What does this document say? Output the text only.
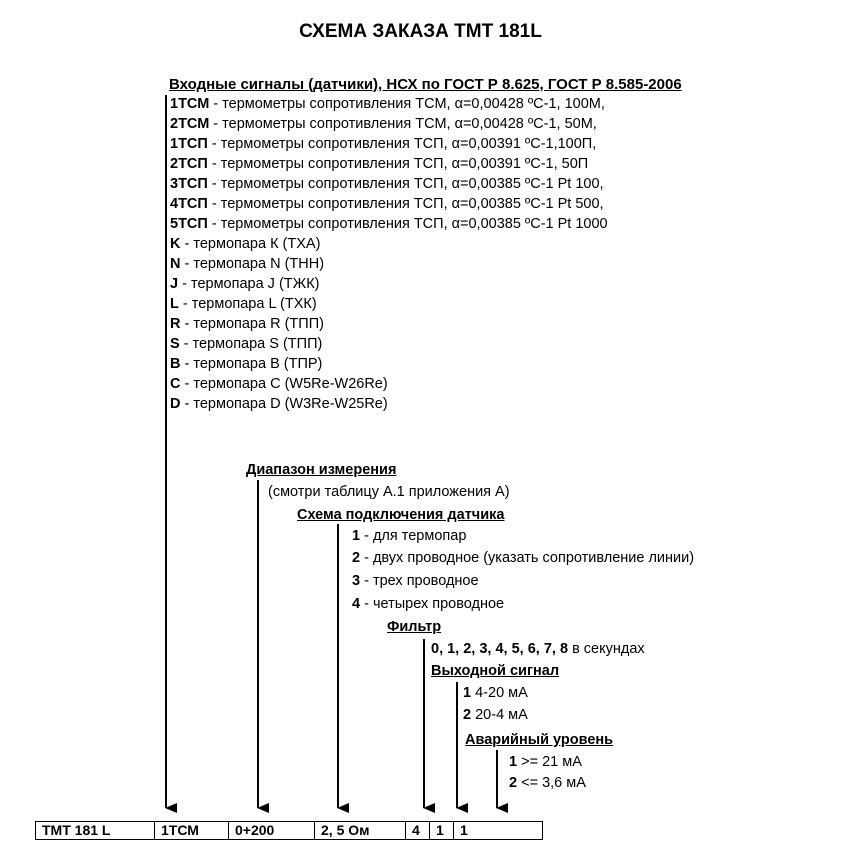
СХЕМА ЗАКАЗА ТМТ 181L
Входные сигналы (датчики), НСХ по ГОСТ Р 8.625, ГОСТ Р 8.585-2006
1ТСМ - термометры сопротивления ТСМ, α=0,00428 ºС-1, 100М,
2ТСМ - термометры сопротивления ТСМ, α=0,00428 ºС-1, 50М,
1ТСП - термометры сопротивления ТСП, α=0,00391 ºС-1,100П,
2ТСП - термометры сопротивления ТСП, α=0,00391 ºС-1, 50П
3ТСП - термометры сопротивления ТСП, α=0,00385 ºС-1 Pt 100,
4ТСП - термометры сопротивления ТСП, α=0,00385 ºС-1 Pt 500,
5ТСП - термометры сопротивления ТСП, α=0,00385 ºС-1 Pt 1000
K - термопара К (ТХА)
N - термопара N (ТНН)
J - термопара J (ТЖК)
L - термопара L (ТХК)
R - термопара R (ТПП)
S - термопара S (ТПП)
B - термопара B (ТПР)
C - термопара C (W5Re-W26Re)
D - термопара D (W3Re-W25Re)
Диапазон измерения
(смотри таблицу А.1 приложения А)
Схема подключения датчика
1 - для термопар
2 - двух проводное (указать сопротивление линии)
3 - трех проводное
4 - четырех проводное
Фильтр
0, 1, 2, 3, 4, 5, 6, 7, 8 в секундах
Выходной сигнал
1 4-20 мА
2 20-4 мА
Аварийный уровень
1 >= 21 мА
2 <= 3,6 мА
ТМТ 181 L	1ТСМ	0+200	2, 5 Ом	4	1	1
